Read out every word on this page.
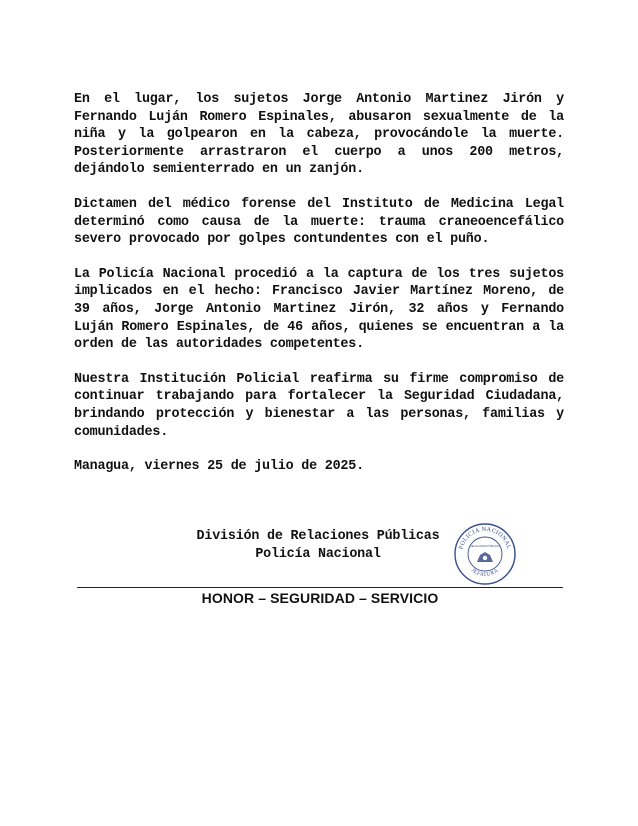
En el lugar, los sujetos Jorge Antonio Martinez Jirón y Fernando Luján Romero Espinales, abusaron sexualmente de la niña y la golpearon en la cabeza, provocándole la muerte. Posteriormente arrastraron el cuerpo a unos 200 metros, dejándolo semienterrado en un zanjón.

Dictamen del médico forense del Instituto de Medicina Legal determinó como causa de la muerte: trauma craneoencefálico severo provocado por golpes contundentes con el puño.

La Policía Nacional procedió a la captura de los tres sujetos implicados en el hecho: Francisco Javier Martínez Moreno, de 39 años, Jorge Antonio Martinez Jirón, 32 años y Fernando Luján Romero Espinales, de 46 años, quienes se encuentran a la orden de las autoridades competentes.

Nuestra Institución Policial reafirma su firme compromiso de continuar trabajando para fortalecer la Seguridad Ciudadana, brindando protección y bienestar a las personas, familias y comunidades.

Managua, viernes 25 de julio de 2025.

División de Relaciones Públicas
Policía Nacional	POLICIA NACIONAL
RELACIONES PÚBLICAS
JEFATURA
HONOR – SEGURIDAD – SERVICIO
